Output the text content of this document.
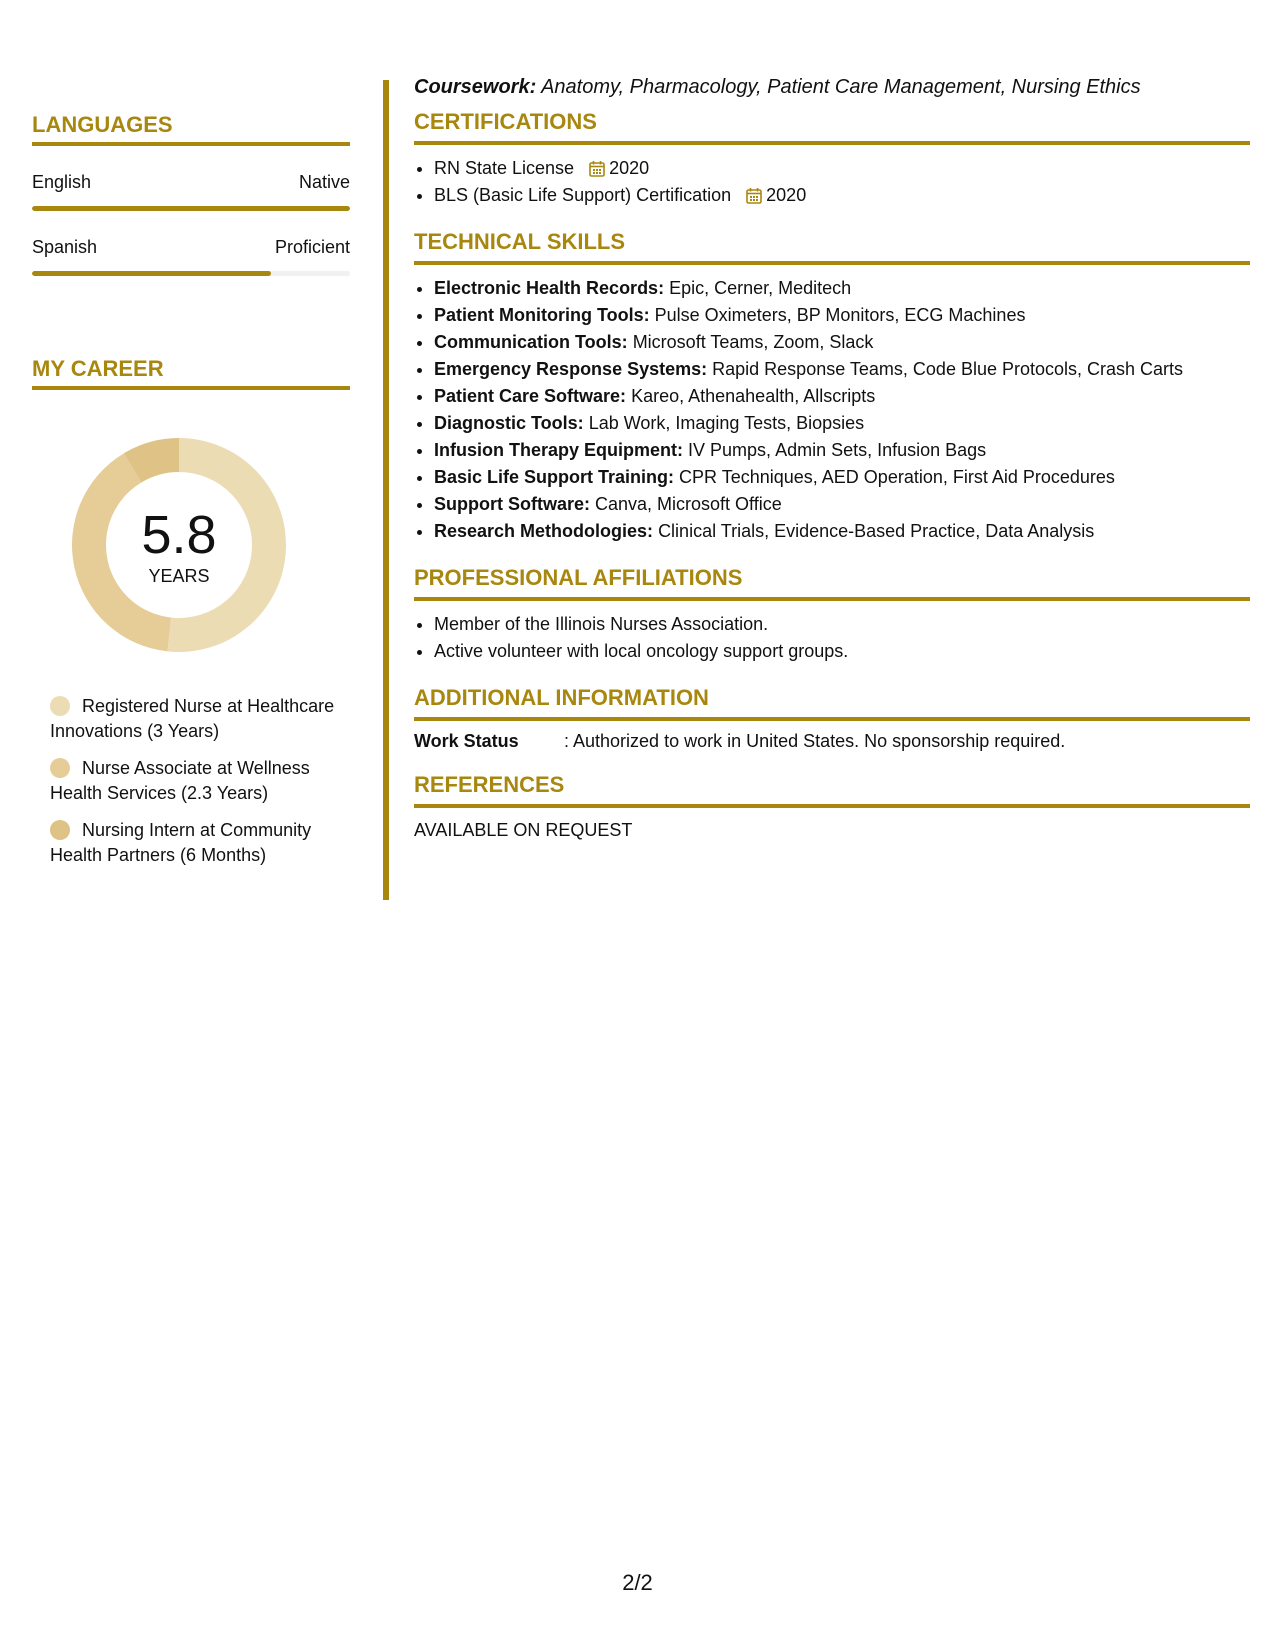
LANGUAGES
English	Native
Spanish	Proficient
MY CAREER
5.8
YEARS
Registered Nurse at Healthcare Innovations (3 Years)
Nurse Associate at Wellness Health Services (2.3 Years)
Nursing Intern at Community Health Partners (6 Months)

Coursework: Anatomy, Pharmacology, Patient Care Management, Nursing Ethics

CERTIFICATIONS
• RN State License 2020
• BLS (Basic Life Support) Certification 2020
TECHNICAL SKILLS
• Electronic Health Records: Epic, Cerner, Meditech
• Patient Monitoring Tools: Pulse Oximeters, BP Monitors, ECG Machines
• Communication Tools: Microsoft Teams, Zoom, Slack
• Emergency Response Systems: Rapid Response Teams, Code Blue Protocols, Crash Carts
• Patient Care Software: Kareo, Athenahealth, Allscripts
• Diagnostic Tools: Lab Work, Imaging Tests, Biopsies
• Infusion Therapy Equipment: IV Pumps, Admin Sets, Infusion Bags
• Basic Life Support Training: CPR Techniques, AED Operation, First Aid Procedures
• Support Software: Canva, Microsoft Office
• Research Methodologies: Clinical Trials, Evidence-Based Practice, Data Analysis
PROFESSIONAL AFFILIATIONS
• Member of the Illinois Nurses Association.
• Active volunteer with local oncology support groups.
ADDITIONAL INFORMATION
Work Status	: Authorized to work in United States. No sponsorship required.
REFERENCES
AVAILABLE ON REQUEST
2/2
